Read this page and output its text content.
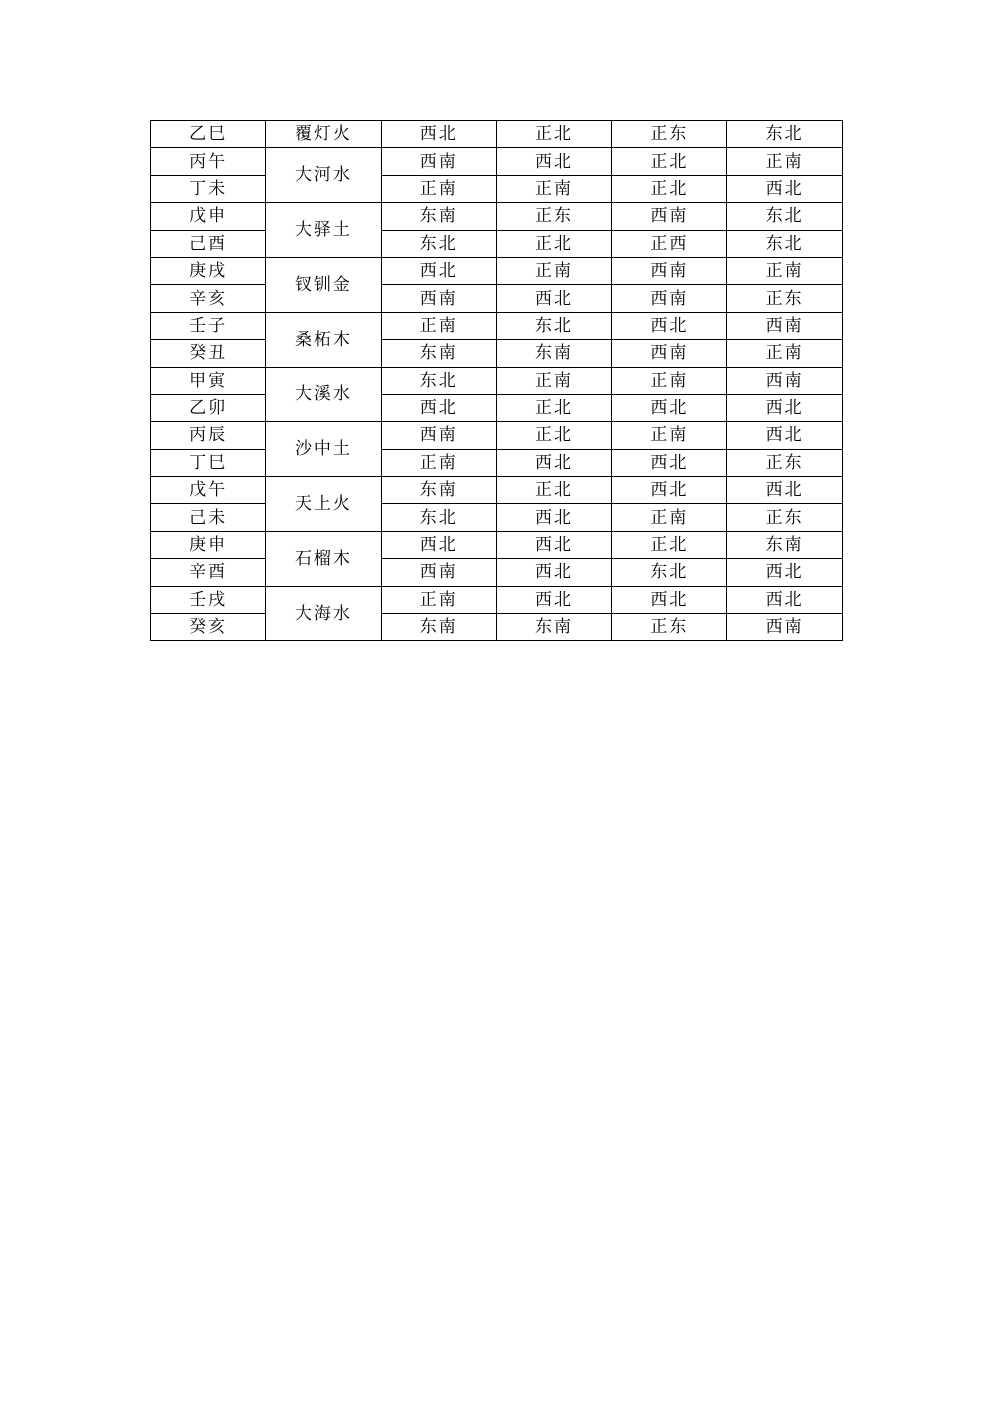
乙巳	覆灯火	西北	正北	正东	东北
丙午	大河水	西南	西北	正北	正南
丁未		正南	正南	正北	西北
戊申	大驿土	东南	正东	西南	东北
己酉		东北	正北	正西	东北
庚戌	钗钏金	西北	正南	西南	正南
辛亥		西南	西北	西南	正东
壬子	桑柘木	正南	东北	西北	西南
癸丑		东南	东南	西南	正南
甲寅	大溪水	东北	正南	正南	西南
乙卯		西北	正北	西北	西北
丙辰	沙中土	西南	正北	正南	西北
丁巳		正南	西北	西北	正东
戊午	天上火	东南	正北	西北	西北
己未		东北	西北	正南	正东
庚申	石榴木	西北	西北	正北	东南
辛酉		西南	西北	东北	西北
壬戌	大海水	正南	西北	西北	西北
癸亥		东南	东南	正东	西南
